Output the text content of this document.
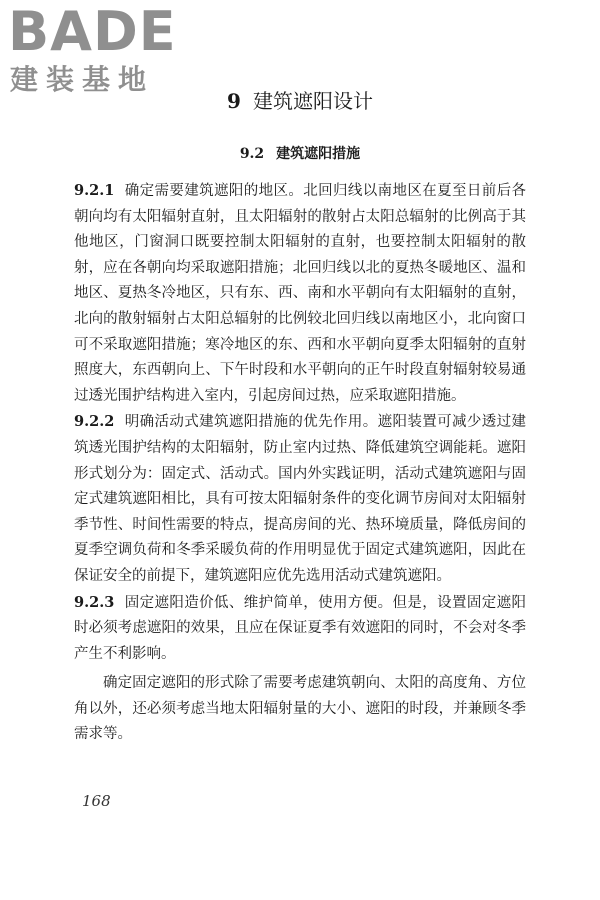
BADE
建装基地
9 建筑遮阳设计
9.2 建筑遮阳措施

9.2.1 确定需要建筑遮阳的地区。北回归线以南地区在夏至日前后各朝向均有太阳辐射直射，且太阳辐射的散射占太阳总辐射的比例高于其他地区，门窗洞口既要控制太阳辐射的直射，也要控制太阳辐射的散射，应在各朝向均采取遮阳措施；北回归线以北的夏热冬暖地区、温和地区、夏热冬冷地区，只有东、西、南和水平朝向有太阳辐射的直射，北向的散射辐射占太阳总辐射的比例较北回归线以南地区小，北向窗口可不采取遮阳措施；寒冷地区的东、西和水平朝向夏季太阳辐射的直射照度大，东西朝向上、下午时段和水平朝向的正午时段直射辐射较易通过透光围护结构进入室内，引起房间过热，应采取遮阳措施。

9.2.2 明确活动式建筑遮阳措施的优先作用。遮阳装置可减少透过建筑透光围护结构的太阳辐射，防止室内过热、降低建筑空调能耗。遮阳形式划分为：固定式、活动式。国内外实践证明，活动式建筑遮阳与固定式建筑遮阳相比，具有可按太阳辐射条件的变化调节房间对太阳辐射季节性、时间性需要的特点，提高房间的光、热环境质量，降低房间的夏季空调负荷和冬季采暖负荷的作用明显优于固定式建筑遮阳，因此在保证安全的前提下，建筑遮阳应优先选用活动式建筑遮阳。

9.2.3 固定遮阳造价低、维护简单，使用方便。但是，设置固定遮阳时必须考虑遮阳的效果，且应在保证夏季有效遮阳的同时，不会对冬季产生不利影响。

确定固定遮阳的形式除了需要考虑建筑朝向、太阳的高度角、方位角以外，还必须考虑当地太阳辐射量的大小、遮阳的时段，并兼顾冬季需求等。

168
